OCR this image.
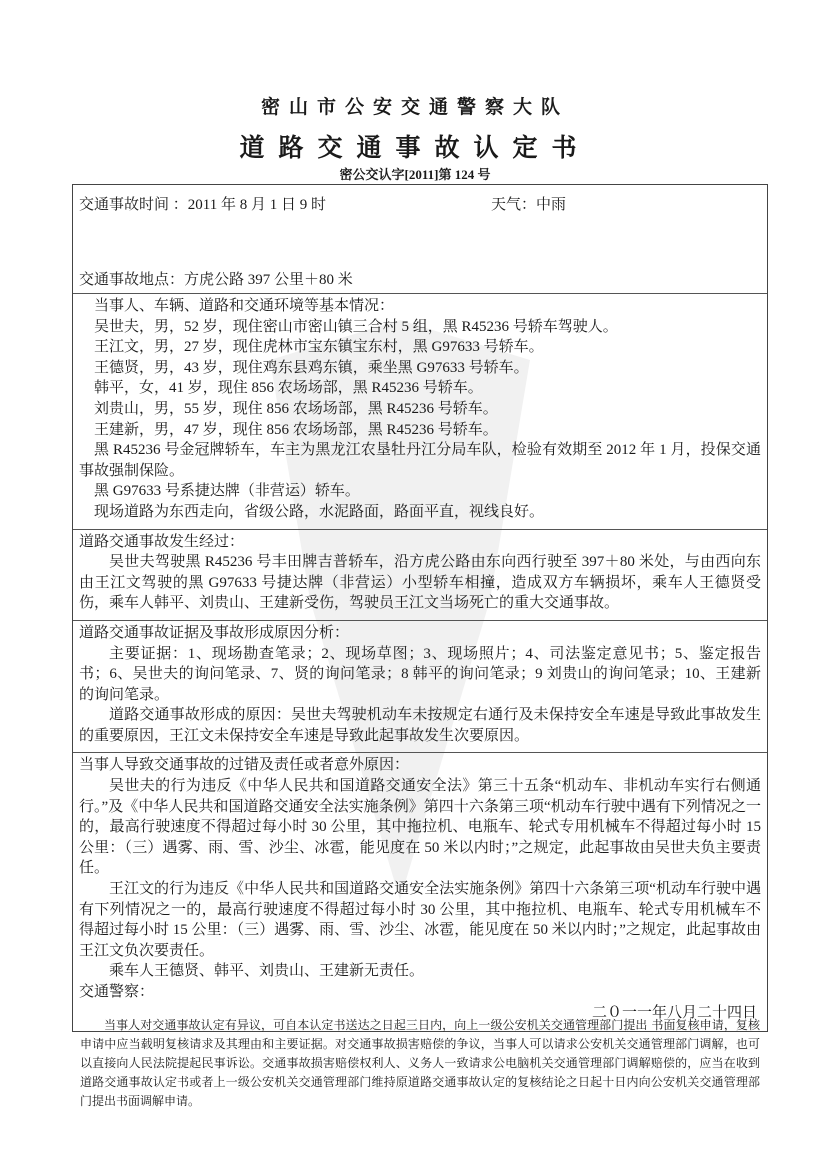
密山市公安交通警察大队
道路交通事故认定书
密公交认字[2011]第 124 号
交通事故时间 ：2011 年 8 月 1 日 9 时	天气：中雨
交通事故地点：方虎公路 397 公里＋80 米

当事人、车辆、道路和交通环境等基本情况：

吴世夫，男，52 岁，现住密山市密山镇三合村 5 组，黑 R45236 号轿车驾驶人。

王江文，男，27 岁，现住虎林市宝东镇宝东村，黑 G97633 号轿车。

王德贤，男，43 岁，现住鸡东县鸡东镇，乘坐黑 G97633 号轿车。

韩平，女，41 岁，现住 856 农场场部，黑 R45236 号轿车。

刘贵山，男，55 岁，现住 856 农场场部，黑 R45236 号轿车。

王建新，男，47 岁，现住 856 农场场部，黑 R45236 号轿车。

黑 R45236 号金冠牌轿车，车主为黑龙江农垦牡丹江分局车队，检验有效期至 2012 年 1 月，投保交通事故强制保险。

黑 G97633 号系捷达牌（非营运）轿车。

现场道路为东西走向，省级公路，水泥路面，路面平直，视线良好。

道路交通事故发生经过：

吴世夫驾驶黑 R45236 号丰田牌吉普轿车，沿方虎公路由东向西行驶至 397＋80 米处，与由西向东由王江文驾驶的黑 G97633 号捷达牌（非营运）小型轿车相撞，造成双方车辆损坏，乘车人王德贤受伤，乘车人韩平、刘贵山、王建新受伤，驾驶员王江文当场死亡的重大交通事故。

道路交通事故证据及事故形成原因分析：

主要证据：1、现场勘查笔录；2、现场草图；3、现场照片；4、司法鉴定意见书；5、鉴定报告书；6、吴世夫的询问笔录、7、贤的询问笔录；8 韩平的询问笔录；9 刘贵山的询问笔录；10、王建新的询问笔录。

道路交通事故形成的原因：吴世夫驾驶机动车未按规定右通行及未保持安全车速是导致此事故发生的重要原因，王江文未保持安全车速是导致此起事故发生次要原因。

当事人导致交通事故的过错及责任或者意外原因：

吴世夫的行为违反《中华人民共和国道路交通安全法》第三十五条“机动车、非机动车实行右侧通行。”及《中华人民共和国道路交通安全法实施条例》第四十六条第三项“机动车行驶中遇有下列情况之一的，最高行驶速度不得超过每小时 30 公里，其中拖拉机、电瓶车、轮式专用机械车不得超过每小时 15 公里：（三）遇雾、雨、雪、沙尘、冰雹，能见度在 50 米以内时；”之规定，此起事故由吴世夫负主要责任。

王江文的行为违反《中华人民共和国道路交通安全法实施条例》第四十六条第三项“机动车行驶中遇有下列情况之一的，最高行驶速度不得超过每小时 30 公里，其中拖拉机、电瓶车、轮式专用机械车不得超过每小时 15 公里：（三）遇雾、雨、雪、沙尘、冰雹，能见度在 50 米以内时；”之规定，此起事故由王江文负次要责任。

乘车人王德贤、韩平、刘贵山、王建新无责任。

交通警察：

二０一一年八月二十四日

当事人对交通事故认定有异议，可自本认定书送达之日起三日内，向上一级公安机关交通管理部门提出 书面复核申请，复核申请中应当载明复核请求及其理由和主要证据。对交通事故损害赔偿的争议，当事人可以请求公安机关交通管理部门调解，也可以直接向人民法院提起民事诉讼。交通事故损害赔偿权利人、义务人一致请求公电脑机关交通管理部门调解赔偿的，应当在收到道路交通事故认定书或者上一级公安机关交通管理部门维持原道路交通事故认定的复核结论之日起十日内向公安机关交通管理部门提出书面调解申请。
